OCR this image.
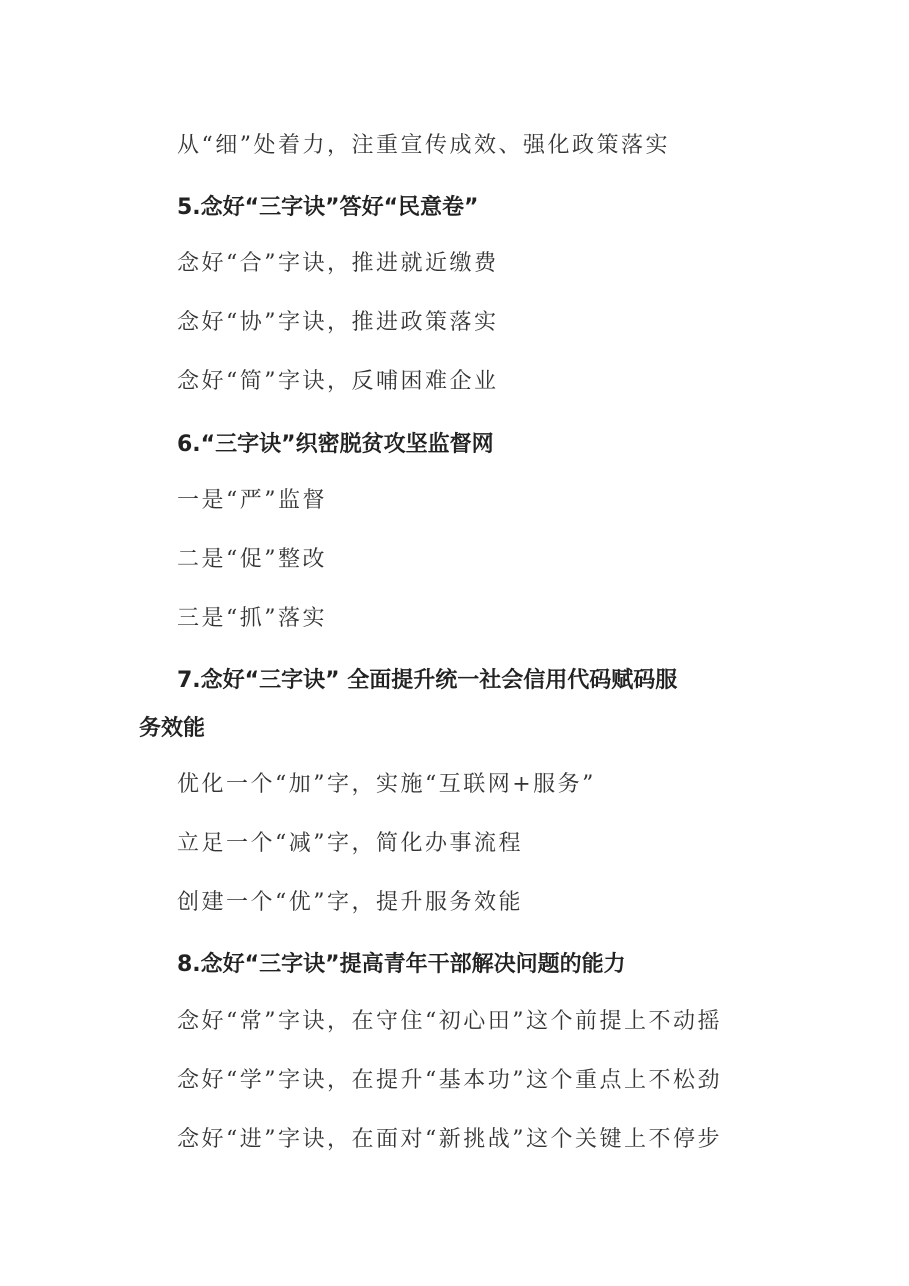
从“细”处着力，注重宣传成效、强化政策落实
5.念好“三字诀”答好“民意卷”
念好“合”字诀，推进就近缴费
念好“协”字诀，推进政策落实
念好“简”字诀，反哺困难企业
6.“三字诀”织密脱贫攻坚监督网
一是“严”监督
二是“促”整改
三是“抓”落实
7.念好“三字诀” 全面提升统一社会信用代码赋码服
务效能
优化一个“加”字，实施“互联网+服务”
立足一个“减”字，简化办事流程
创建一个“优”字，提升服务效能
8.念好“三字诀”提高青年干部解决问题的能力
念好“常”字诀，在守住“初心田”这个前提上不动摇
念好“学”字诀，在提升“基本功”这个重点上不松劲
念好“进”字诀，在面对“新挑战”这个关键上不停步
